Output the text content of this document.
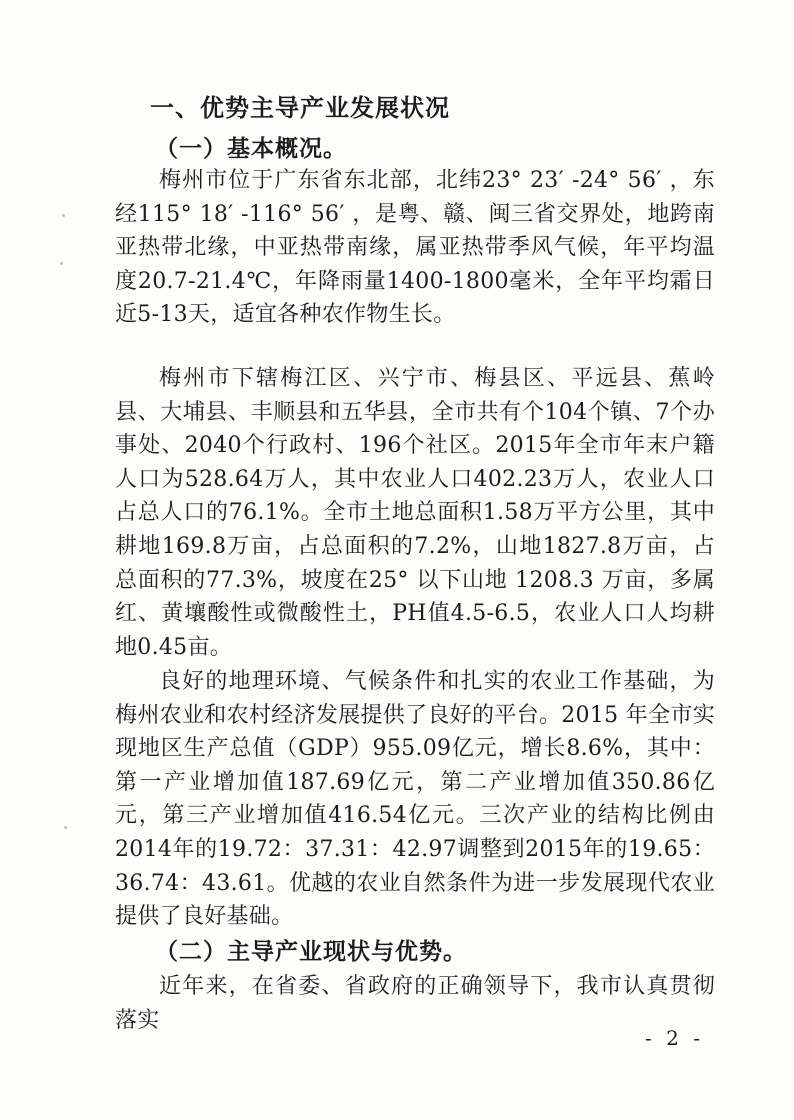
一、优势主导产业发展状况
（一）基本概况。

梅州市位于广东省东北部，北纬23° 23′ -24° 56′ ，东经115° 18′ -116° 56′ ，是粤、赣、闽三省交界处，地跨南亚热带北缘，中亚热带南缘，属亚热带季风气候，年平均温度20.7-21.4℃，年降雨量1400-1800毫米，全年平均霜日近5-13天，适宜各种农作物生长。

梅州市下辖梅江区、兴宁市、梅县区、平远县、蕉岭县、大埔县、丰顺县和五华县，全市共有个104个镇、7个办事处、2040个行政村、196个社区。2015年全市年末户籍人口为528.64万人，其中农业人口402.23万人，农业人口占总人口的76.1%。全市土地总面积1.58万平方公里，其中耕地169.8万亩，占总面积的7.2%，山地1827.8万亩，占总面积的77.3%，坡度在25° 以下山地 1208.3 万亩，多属红、黄壤酸性或微酸性土，PH值4.5-6.5，农业人口人均耕地0.45亩。

良好的地理环境、气候条件和扎实的农业工作基础，为梅州农业和农村经济发展提供了良好的平台。2015 年全市实现地区生产总值（GDP）955.09亿元，增长8.6%，其中：第一产业增加值187.69亿元，第二产业增加值350.86亿元，第三产业增加值416.54亿元。三次产业的结构比例由2014年的19.72：37.31：42.97调整到2015年的19.65：36.74：43.61。优越的农业自然条件为进一步发展现代农业提供了良好基础。

（二）主导产业现状与优势。

近年来，在省委、省政府的正确领导下，我市认真贯彻落实

- 2 -
